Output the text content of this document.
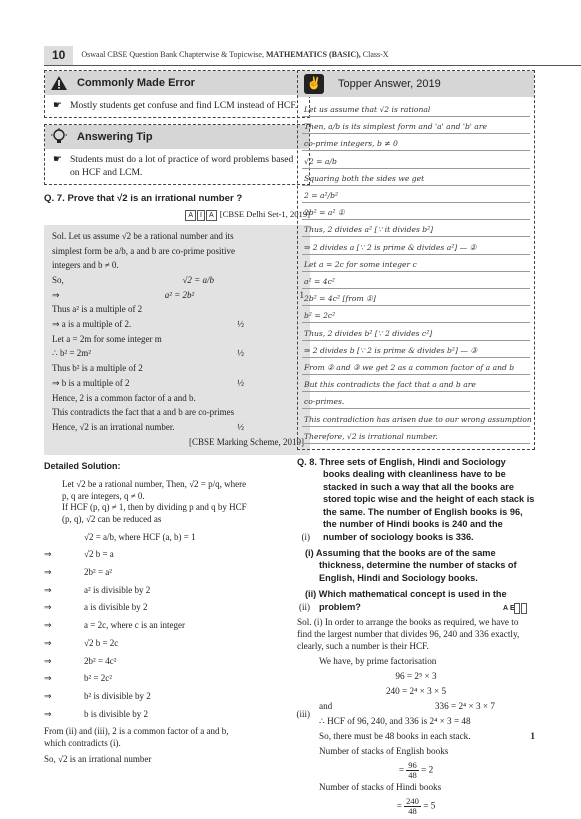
10	Oswaal CBSE Question Bank Chapterwise & Topicwise, MATHEMATICS (BASIC), Class-X
Commonly Made Error
☛ Mostly students get confuse and find LCM instead of HCF.
Answering Tip
☛ Students must do a lot of practice of word problems based on HCF and LCM.
Q. 7. Prove that √2 is an irrational number ?
A I A [CBSE Delhi Set-1, 2019]
Sol. Let us assume √2 be a rational number and its
simplest form be a/b, a and b are co-prime positive
integers and b ≠ 0.
So,	√2 = a/b
⇒	a² = 2b²	1
Thus a² is a multiple of 2
⇒ a is a multiple of 2.	½
Let a = 2m for some integer m
∴ b² = 2m²	½
Thus b² is a multiple of 2
⇒ b is a multiple of 2	½
Hence, 2 is a common factor of a and b.
This contradicts the fact that a and b are co-primes
Hence, √2 is an irrational number.	½
[CBSE Marking Scheme, 2019]
Detailed Solution:
Let √2 be a rational number, Then, √2 = p/q, where
p, q are integers, q ≠ 0.
If HCF (p, q) ≠ 1, then by dividing p and q by HCF
(p, q), √2 can be reduced as
√2 = a/b, where HCF (a, b) = 1	(i)
⇒	√2 b = a
⇒	2b² = a²
⇒	a² is divisible by 2
⇒	a is divisible by 2	(ii)
⇒	a = 2c, where c is an integer
⇒	√2 b = 2c
⇒	2b² = 4c²
⇒	b² = 2c²
⇒	b² is divisible by 2
⇒	b is divisible by 2	(iii)
From (ii) and (iii), 2 is a common factor of a and b,
which contradicts (i).
So, √2 is an irrational number
✌ Topper Answer, 2019
Let us assume that √2 is rational
Then, a/b is its simplest form and 'a' and 'b' are
co-prime integers, b ≠ 0
√2 = a/b
Squaring both the sides we get
2 = a²/b²
2b² = a² ①
Thus, 2 divides a² [∵ it divides b²]
⇒ 2 divides a [∵ 2 is prime & divides a²] — ②
Let a = 2c for some integer c
a² = 4c²
2b² = 4c² [from ①]
b² = 2c²
Thus, 2 divides b² [∵ 2 divides c²]
⇒ 2 divides b [∵ 2 is prime & divides b²] — ③
From ② and ③ we get 2 as a common factor of a and b
But this contradicts the fact that a and b are
co-primes.
This contradiction has arisen due to our wrong assumption
Therefore, √2 is irrational number.

Q. 8. Three sets of English, Hindi and Sociology books dealing with cleanliness have to be stacked in such a way that all the books are stored topic wise and the height of each stack is the same. The number of English books is 96, the number of Hindi books is 240 and the number of sociology books is 336.

(i) Assuming that the books are of the same thickness, determine the number of stacks of English, Hindi and Sociology books.
(ii) Which mathematical concept is used in the problem?	A E

Sol. (i) In order to arrange the books as required, we have to find the largest number that divides 96, 240 and 336 exactly, clearly, such a number is their HCF.

We have, by prime factorisation

96 = 2⁵ × 3

240 = 2⁴ × 3 × 5

and	336 = 2⁴ × 3 × 7

∴ HCF of 96, 240, and 336 is 2⁴ × 3 = 48

So, there must be 48 books in each stack.	1

Number of stacks of English books

= $\frac{96}{48} = 2$

Number of stacks of Hindi books

= $\frac{240}{48} = 5$
